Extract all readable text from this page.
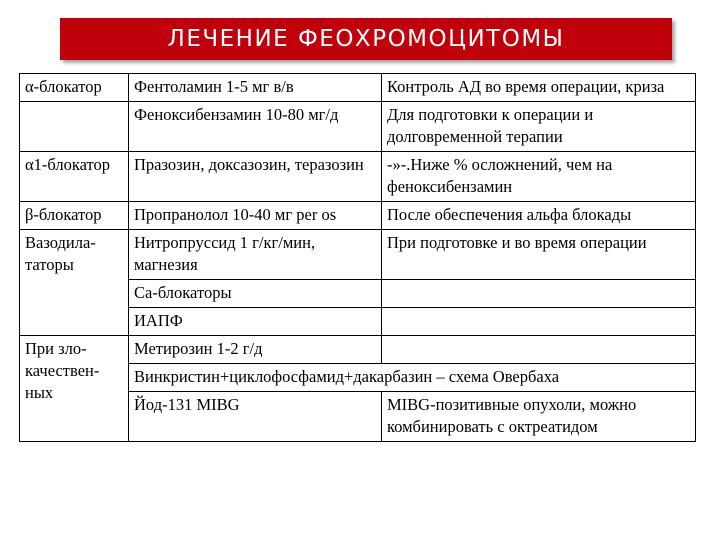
ЛЕЧЕНИЕ ФЕОХРОМОЦИТОМЫ
α-блокатор	Фентоламин 1-5 мг в/в	Контроль АД во время операции, криза
	Феноксибензамин 10-80 мг/д	Для подготовки к операции и долговременной терапии
α1-блокатор	Празозин, доксазозин, теразозин	-»-.Ниже % осложнений, чем на феноксибензамин
β-блокатор	Пропранолол 10-40 мг per os	После обеспечения альфа блокады
Вазодила-таторы	Нитропруссид 1 г/кг/мин, магнезия	При подготовке и во время операции
	Са-блокаторы	
	ИАПФ	
При зло-качествен-ных	Метирозин 1-2 г/д	
	Винкристин+циклофосфамид+дакарбазин – схема Овербаха	
	Йод-131 MIBG	MIBG-позитивные опухоли, можно комбинировать с октреатидом
